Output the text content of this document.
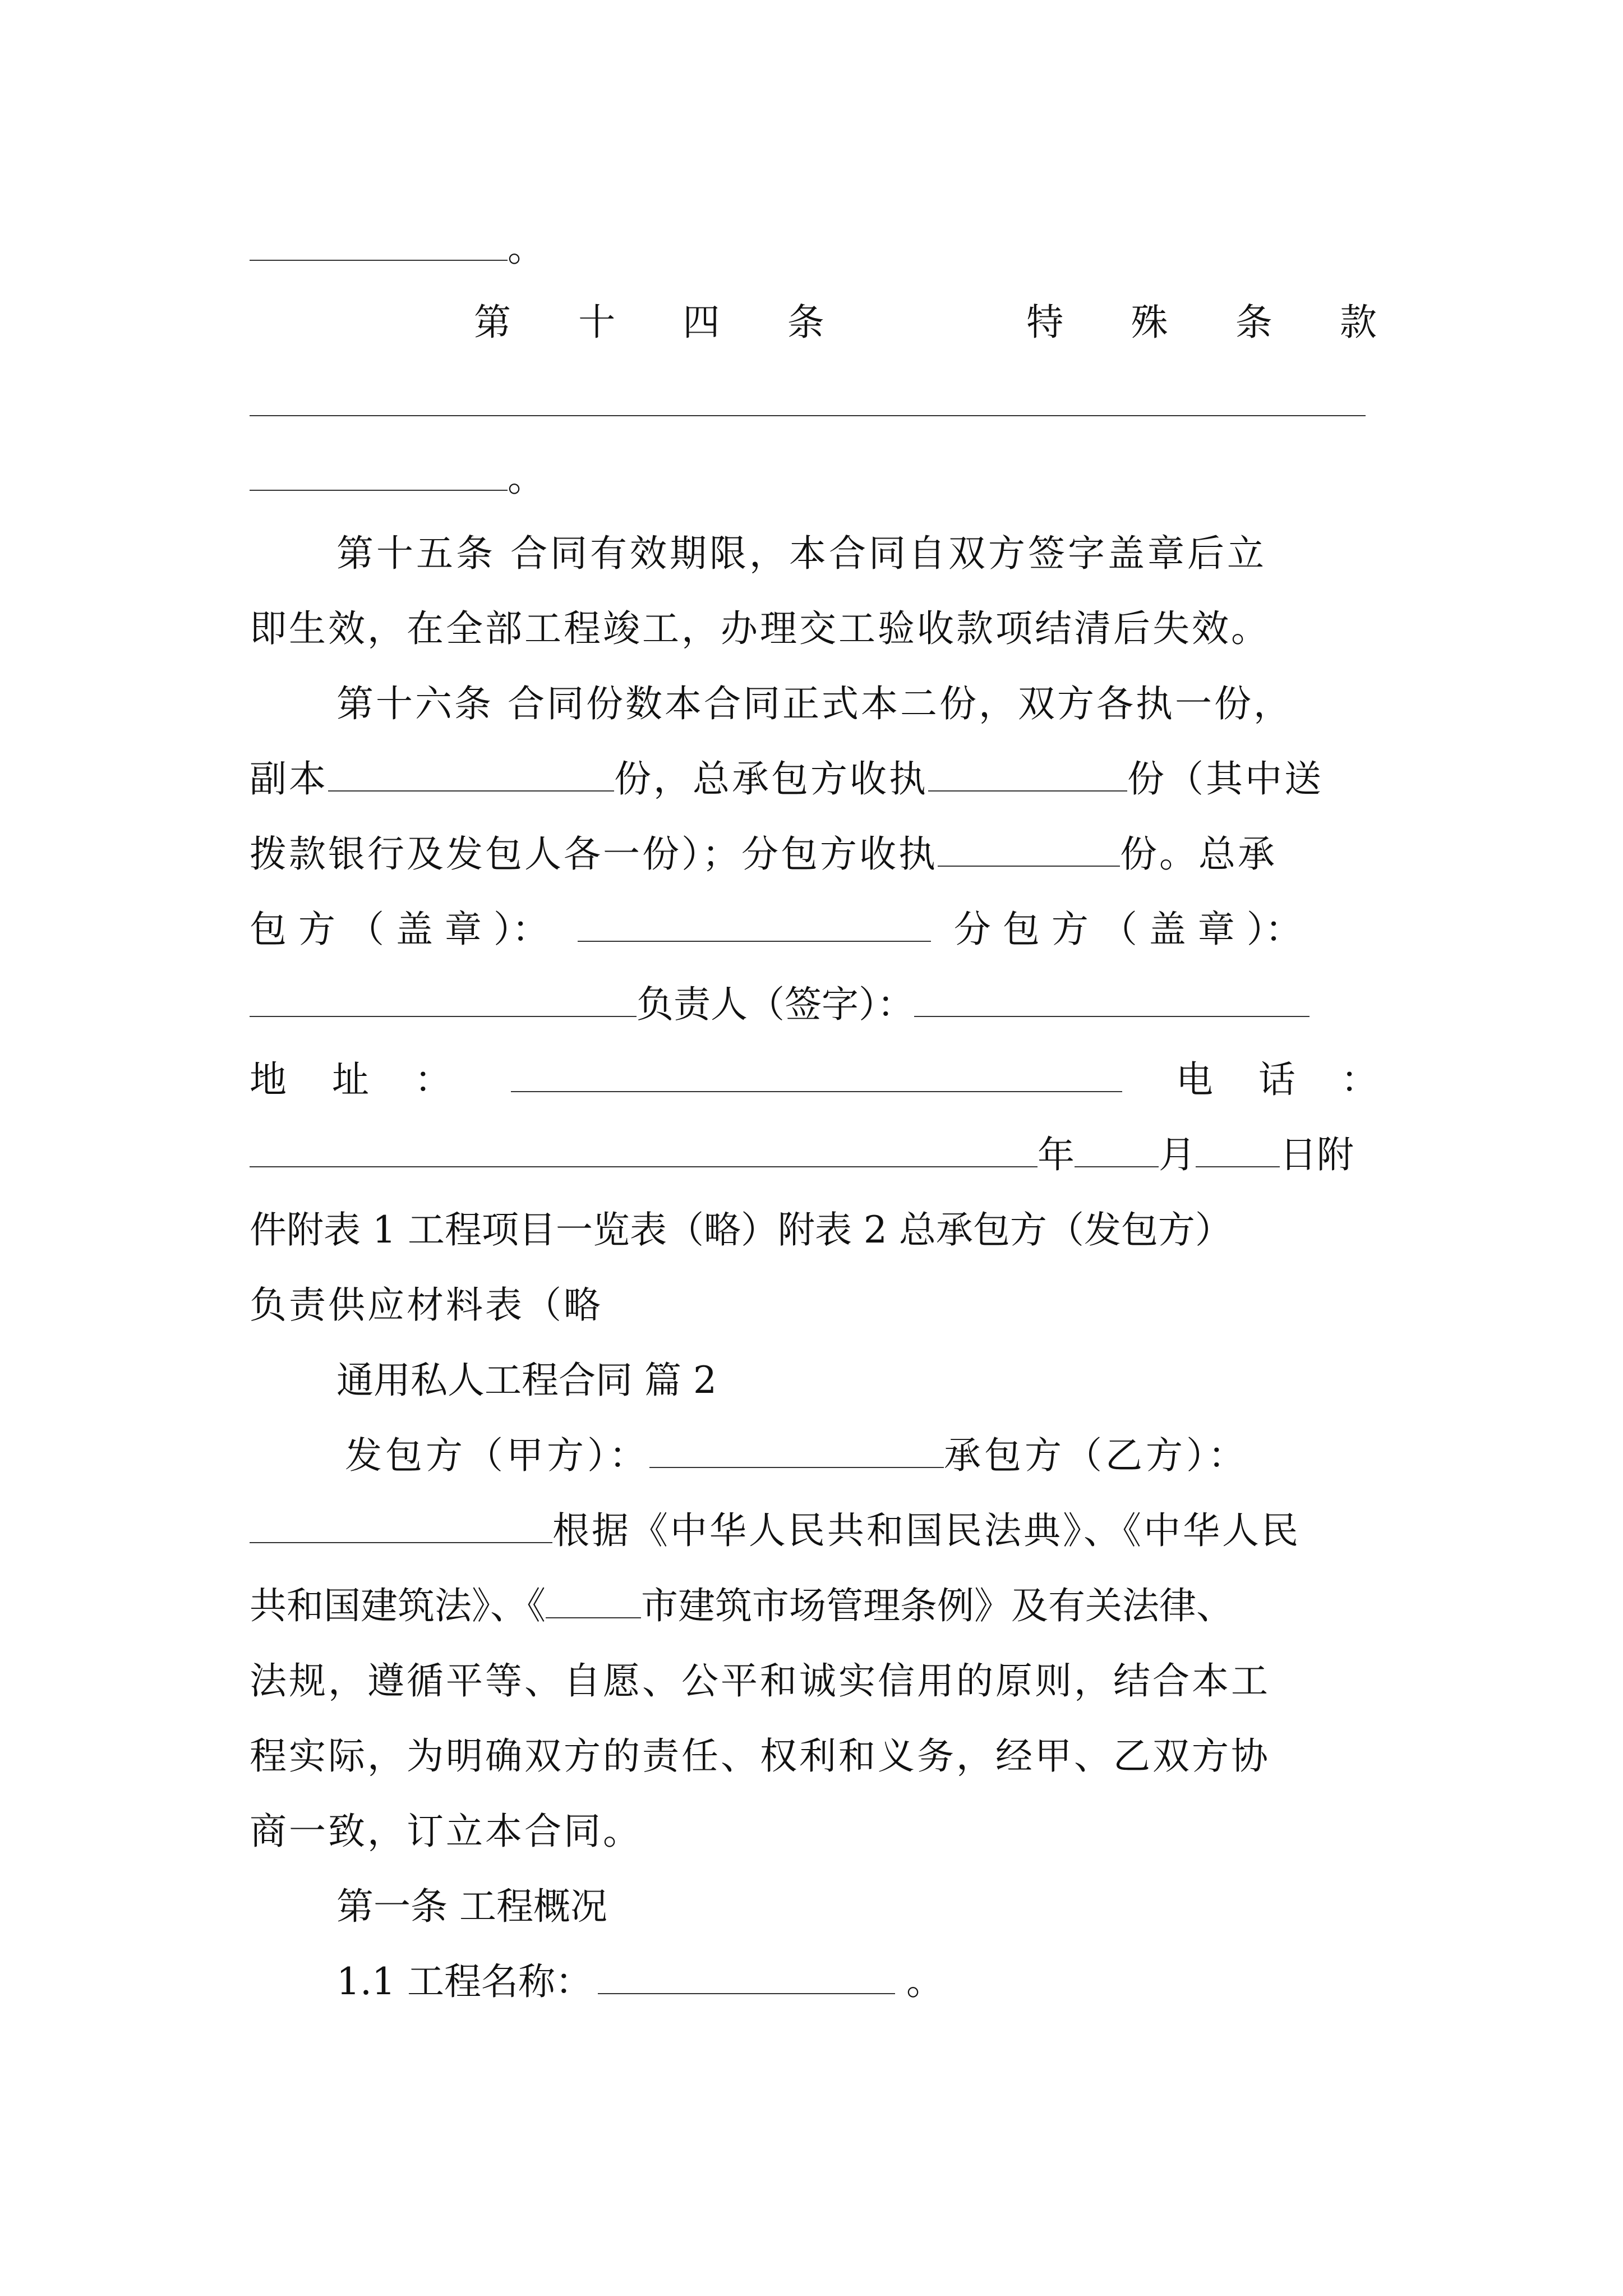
。
第 十 四 条	特 殊 条 款
。
第十五条 合同有效期限，本合同自双方签字盖章后立
即生效，在全部工程竣工，办理交工验收款项结清后失效。
第十六条 合同份数本合同正式本二份，双方各执一份，
副本	份，总承包方收执	份（其中送
拨款银行及发包人各一份）；分包方收执	份。总承
包 方 （ 盖 章 ）：	分 包 方 （ 盖 章 ）：
负责人（签字）：
地 址 ：	电 话 ：
年 月 日附
件附表 1 工程项目一览表（略）附表 2 总承包方（发包方）
负责供应材料表（略
通用私人工程合同 篇 2
发包方（甲方）：	承包方（乙方）：
根据《中华人民共和国民法典》、《中华人民
共和国建筑法》、《	市建筑市场管理条例》及有关法律、
法规，遵循平等、自愿、公平和诚实信用的原则，结合本工
程实际，为明确双方的责任、权利和义务，经甲、乙双方协
商一致，订立本合同。
第一条 工程概况
1.1 工程名称：	。
